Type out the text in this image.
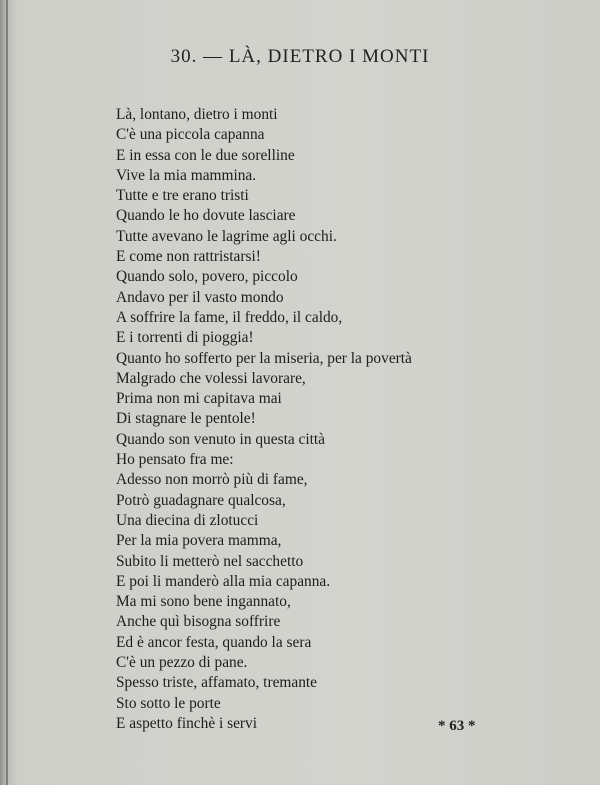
30. — LÀ, DIETRO I MONTI
Là, lontano, dietro i monti
C'è una piccola capanna
E in essa con le due sorelline
Vive la mia mammina.
Tutte e tre erano tristi
Quando le ho dovute lasciare
Tutte avevano le lagrime agli occhi.
E come non rattristarsi!
Quando solo, povero, piccolo
Andavo per il vasto mondo
A soffrire la fame, il freddo, il caldo,
E i torrenti di pioggia!
Quanto ho sofferto per la miseria, per la povertà
Malgrado che volessi lavorare,
Prima non mi capitava mai
Di stagnare le pentole!
Quando son venuto in questa città
Ho pensato fra me:
Adesso non morrò più di fame,
Potrò guadagnare qualcosa,
Una diecina di zlotucci
Per la mia povera mamma,
Subito li metterò nel sacchetto
E poi li manderò alla mia capanna.
Ma mi sono bene ingannato,
Anche quì bisogna soffrire
Ed è ancor festa, quando la sera
C'è un pezzo di pane.
Spesso triste, affamato, tremante
Sto sotto le porte
E aspetto finchè i servi	* 63 *
